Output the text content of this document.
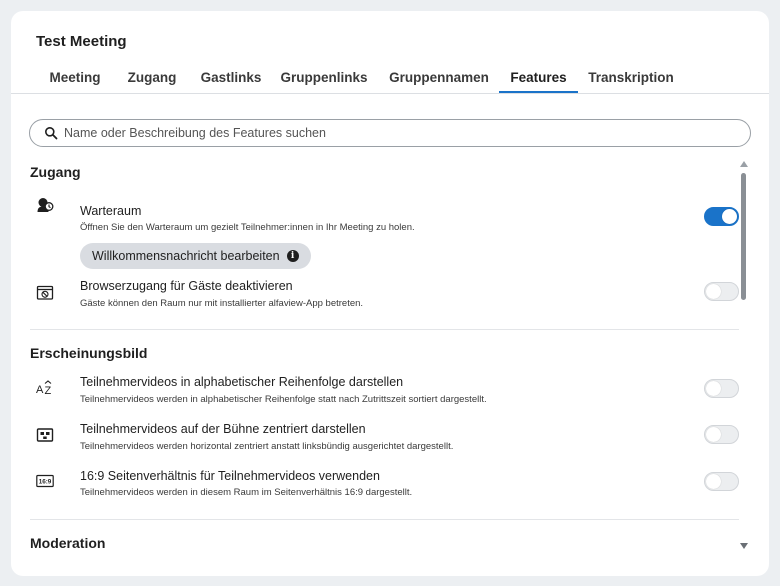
Test Meeting
Meeting	Zugang	Gastlinks	Gruppenlinks	Gruppennamen	Features	Transkription
Name oder Beschreibung des Features suchen
Zugang
Warteraum
Öffnen Sie den Warteraum um gezielt Teilnehmer:innen in Ihr Meeting zu holen.
Willkommensnachricht bearbeiten	i
Browserzugang für Gäste deaktivieren
Gäste können den Raum nur mit installierter alfaview-App betreten.
Erscheinungsbild
A Z
Teilnehmervideos in alphabetischer Reihenfolge darstellen
Teilnehmervideos werden in alphabetischer Reihenfolge statt nach Zutrittszeit sortiert dargestellt.
Teilnehmervideos auf der Bühne zentriert darstellen
Teilnehmervideos werden horizontal zentriert anstatt linksbündig ausgerichtet dargestellt.
16:9 16:9 Seitenverhältnis für Teilnehmervideos verwenden
Teilnehmervideos werden in diesem Raum im Seitenverhältnis 16:9 dargestellt.
Moderation
